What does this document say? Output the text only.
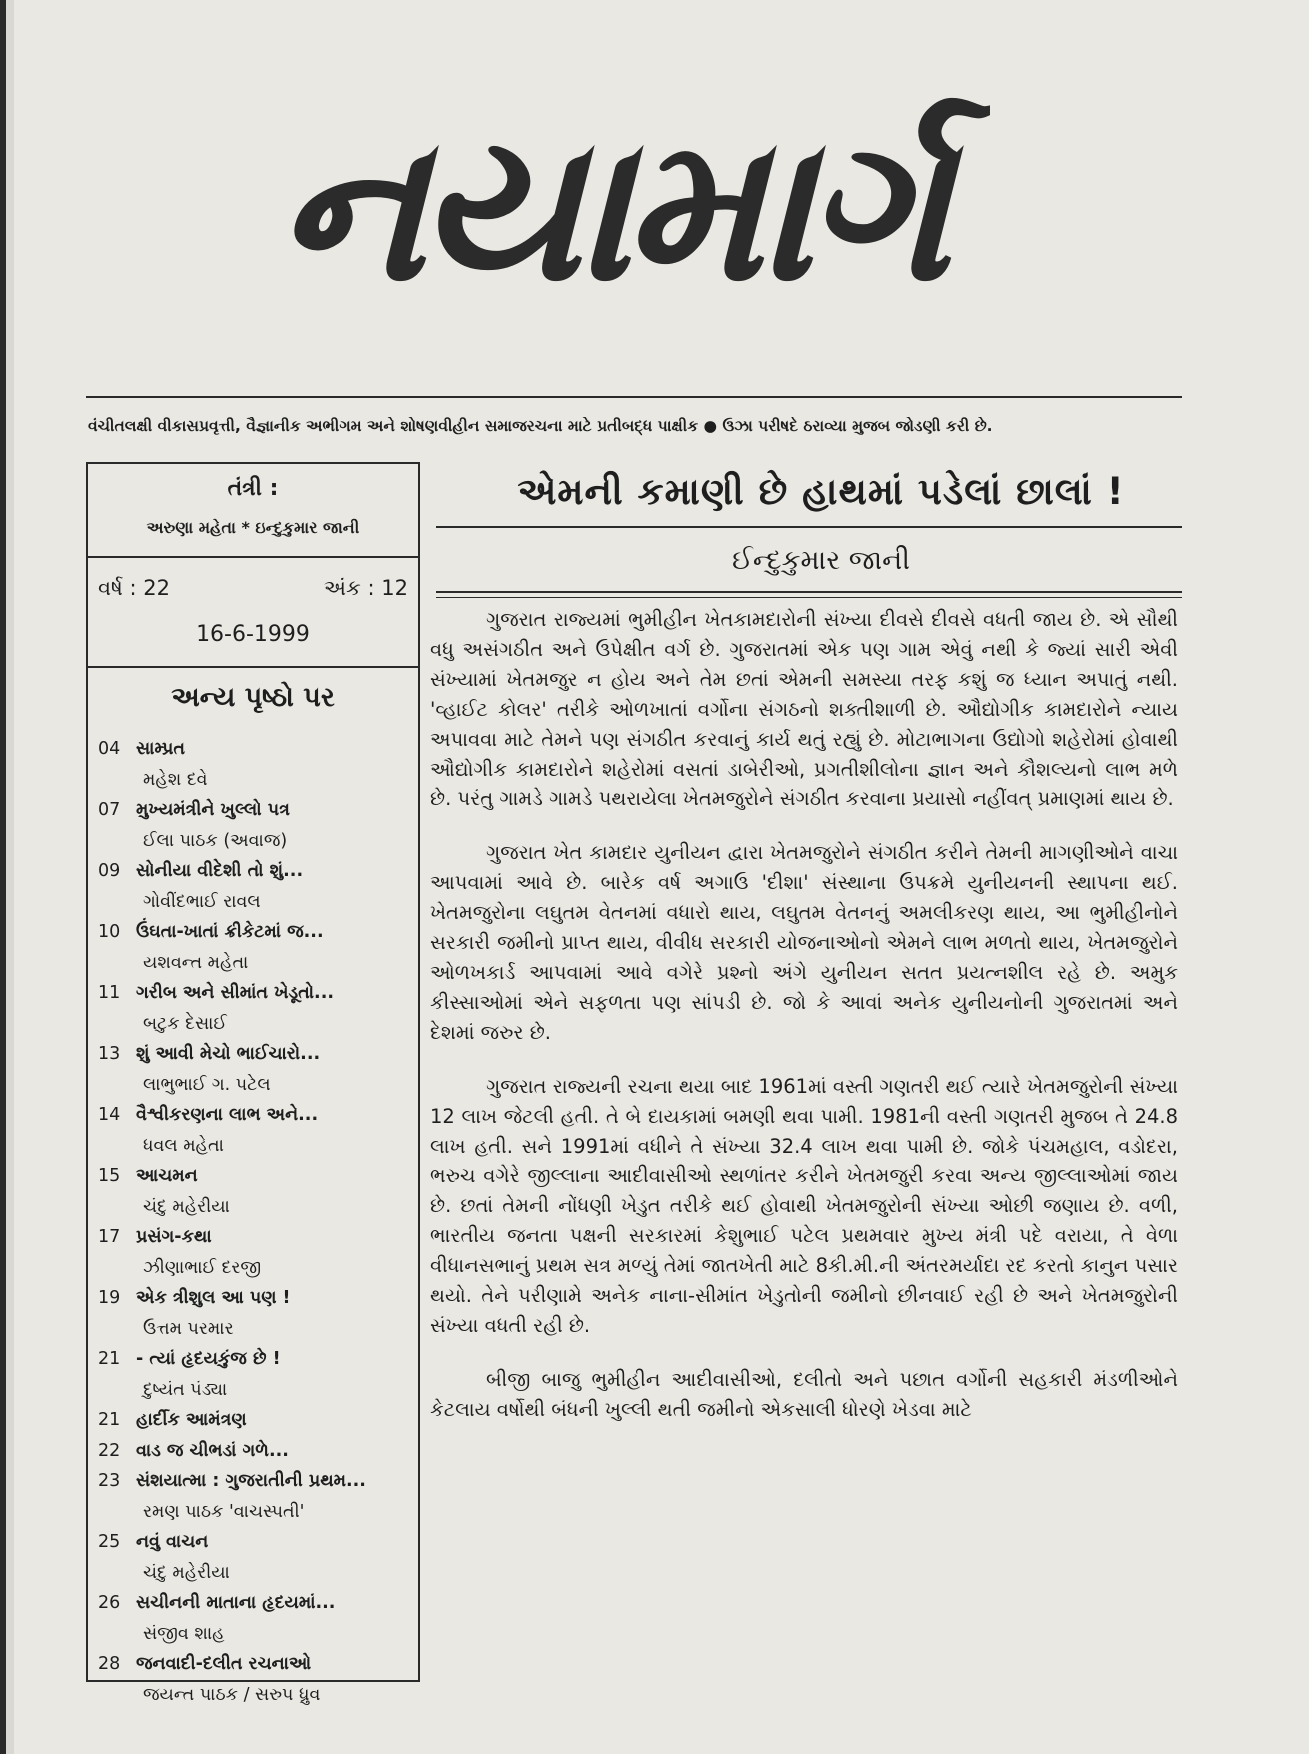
નયામાર્ગ
વંચીતલક્ષી વીકાસપ્રવૃત્તી, વૈજ્ઞાનીક અભીગમ અને શોષણવીહીન સમાજરચના માટે પ્રતીબદ્ધ પાક્ષીક ● ઉઝા પરીષદે ઠરાવ્યા મુજબ જોડણી કરી છે.
તંત્રી :
અરુણા મહેતા * ઇન્દુકુમાર જાની
વર્ષ : 22	અંક : 12
16-6-1999
અન્ય પૃષ્ઠો પર
04 સામ્પ્રત
મહેશ દવે
07 મુખ્યમંત્રીને ખુલ્લો પત્ર
ઈલા પાઠક (અવાજ)
09 સોનીયા વીદેશી તો શું...
ગોવીંદભાઈ રાવલ
10 ઉંઘતા-ખાતાં ક્રીકેટમાં જ...
યશવન્ત મહેતા
11 ગરીબ અને સીમાંત ખેડૂતો...
બટુક દેસાઈ
13 શું આવી મેચો ભાઈચારો...
લાભુભાઈ ગ. પટેલ
14 વૈશ્વીકરણના લાભ અને...
ધવલ મહેતા
15 આચમન
ચંદુ મહેરીયા
17 પ્રસંગ-કથા
ઝીણાભાઈ દરજી
19 એક ત્રીશુલ આ પણ !
ઉત્તમ પરમાર
21 - ત્યાં હૃદયકુંજ છે !
દુષ્યંત પંડ્યા
21 હાર્દીક આમંત્રણ
22 વાડ જ ચીભડાં ગળે...
23 સંશયાત્મા : ગુજરાતીની પ્રથમ...
રમણ પાઠક 'વાચસ્પતી'
25 નવું વાચન
ચંદુ મહેરીયા
26 સચીનની માતાના હૃદયમાં...
સંજીવ શાહ
28 જનવાદી-દલીત રચનાઓ
જયન્ત પાઠક / સરુપ ધ્રુવ
એમની કમાણી છે હાથમાં પડેલાં છાલાં !
ઈન્દુકુમાર જાની

ગુજરાત રાજ્યમાં ભુમીહીન ખેતકામદારોની સંખ્યા દીવસે દીવસે વધતી જાય છે. એ સૌથી વધુ અસંગઠીત અને ઉપેક્ષીત વર્ગ છે. ગુજરાતમાં એક પણ ગામ એવું નથી કે જ્યાં સારી એવી સંખ્યામાં ખેતમજુર ન હોય અને તેમ છતાં એમની સમસ્યા તરફ કશું જ ધ્યાન અપાતું નથી. 'વ્હાઈટ કોલર' તરીકે ઓળખાતાં વર્ગોના સંગઠનો શક્તીશાળી છે. ઔદ્યોગીક કામદારોને ન્યાય અપાવવા માટે તેમને પણ સંગઠીત કરવાનું કાર્ય થતું રહ્યું છે. મોટાભાગના ઉદ્યોગો શહેરોમાં હોવાથી ઔદ્યોગીક કામદારોને શહેરોમાં વસતાં ડાબેરીઓ, પ્રગતીશીલોના જ્ઞાન અને કૌશલ્યનો લાભ મળે છે. પરંતુ ગામડે ગામડે પથરાયેલા ખેતમજુરોને સંગઠીત કરવાના પ્રયાસો નહીંવત્ પ્રમાણમાં થાય છે.

ગુજરાત ખેત કામદાર યુનીયન દ્વારા ખેતમજુરોને સંગઠીત કરીને તેમની માગણીઓને વાચા આપવામાં આવે છે. બારેક વર્ષ અગાઉ 'દીશા' સંસ્થાના ઉપક્રમે યુનીયનની સ્થાપના થઈ. ખેતમજુરોના લઘુતમ વેતનમાં વધારો થાય, લઘુતમ વેતનનું અમલીકરણ થાય, આ ભુમીહીનોને સરકારી જમીનો પ્રાપ્ત થાય, વીવીધ સરકારી યોજનાઓનો એમને લાભ મળતો થાય, ખેતમજુરોને ઓળખકાર્ડ આપવામાં આવે વગેરે પ્રશ્નો અંગે યુનીયન સતત પ્રયત્નશીલ રહે છે. અમુક કીસ્સાઓમાં એને સફળતા પણ સાંપડી છે. જો કે આવાં અનેક યુનીયનોની ગુજરાતમાં અને દેશમાં જરુર છે.

ગુજરાત રાજ્યની રચના થયા બાદ 1961માં વસ્તી ગણતરી થઈ ત્યારે ખેતમજુરોની સંખ્યા 12 લાખ જેટલી હતી. તે બે દાયકામાં બમણી થવા પામી. 1981ની વસ્તી ગણતરી મુજબ તે 24.8 લાખ હતી. સને 1991માં વધીને તે સંખ્યા 32.4 લાખ થવા પામી છે. જોકે પંચમહાલ, વડોદરા, ભરુચ વગેરે જીલ્લાના આદીવાસીઓ સ્થળાંતર કરીને ખેતમજુરી કરવા અન્ય જીલ્લાઓમાં જાય છે. છતાં તેમની નોંધણી ખેડુત તરીકે થઈ હોવાથી ખેતમજુરોની સંખ્યા ઓછી જણાય છે. વળી, ભારતીય જનતા પક્ષની સરકારમાં કેશુભાઈ પટેલ પ્રથમવાર મુખ્ય મંત્રી પદે વરાયા, તે વેળા વીધાનસભાનું પ્રથમ સત્ર મળ્યું તેમાં જાતખેતી માટે 8કી.મી.ની અંતરમર્યાદા રદ કરતો કાનુન પસાર થયો. તેને પરીણામે અનેક નાના-સીમાંત ખેડુતોની જમીનો છીનવાઈ રહી છે અને ખેતમજુરોની સંખ્યા વધતી રહી છે.

બીજી બાજુ ભુમીહીન આદીવાસીઓ, દલીતો અને પછાત વર્ગોની સહકારી મંડળીઓને કેટલાય વર્ષોથી બંધની ખુલ્લી થતી જમીનો એકસાલી ધોરણે ખેડવા માટે
